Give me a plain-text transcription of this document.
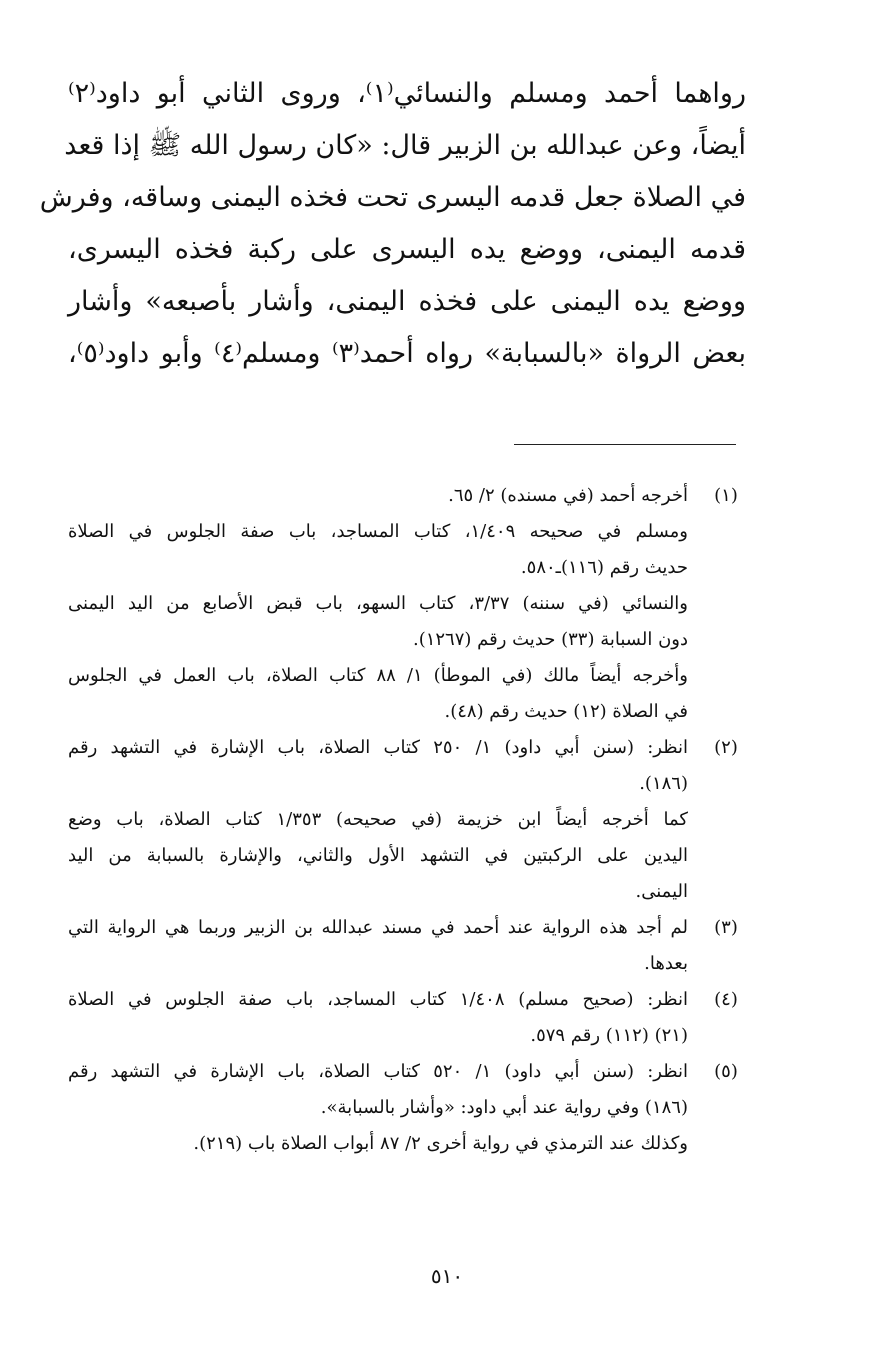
رواهما أحمد ومسلم والنسائي⁽١⁾، وروى الثاني أبو داود⁽٢⁾
أيضاً، وعن عبدالله بن الزبير قال: «كان رسول الله ﷺ إذا قعد
في الصلاة جعل قدمه اليسرى تحت فخذه اليمنى وساقه، وفرش
قدمه اليمنى، ووضع يده اليسرى على ركبة فخذه اليسرى،
ووضع يده اليمنى على فخذه اليمنى، وأشار بأصبعه» وأشار
بعض الرواة «بالسبابة» رواه أحمد⁽٣⁾ ومسلم⁽٤⁾ وأبو داود⁽٥⁾،
(١)
أخرجه أحمد (في مسنده) ٢/ ٦٥.
ومسلم في صحيحه ١/٤٠٩، كتاب المساجد، باب صفة الجلوس في الصلاة
حديث رقم (١١٦)ـ٥٨٠.
والنسائي (في سننه) ٣/٣٧، كتاب السهو، باب قبض الأصابع من اليد اليمنى
دون السبابة (٣٣) حديث رقم (١٢٦٧).
وأخرجه أيضاً مالك (في الموطأ) ١/ ٨٨ كتاب الصلاة، باب العمل في الجلوس
في الصلاة (١٢) حديث رقم (٤٨).
(٢)
انظر: (سنن أبي داود) ١/ ٢٥٠ كتاب الصلاة، باب الإشارة في التشهد رقم
(١٨٦).
كما أخرجه أيضاً ابن خزيمة (في صحيحه) ١/٣٥٣ كتاب الصلاة، باب وضع
اليدين على الركبتين في التشهد الأول والثاني، والإشارة بالسبابة من اليد
اليمنى.
(٣)
لم أجد هذه الرواية عند أحمد في مسند عبدالله بن الزبير وربما هي الرواية التي
بعدها.
(٤)
انظر: (صحيح مسلم) ١/٤٠٨ كتاب المساجد، باب صفة الجلوس في الصلاة
(٢١) (١١٢) رقم ٥٧٩.
(٥)
انظر: (سنن أبي داود) ١/ ٥٢٠ كتاب الصلاة، باب الإشارة في التشهد رقم
(١٨٦) وفي رواية عند أبي داود: «وأشار بالسبابة».
وكذلك عند الترمذي في رواية أخرى ٢/ ٨٧ أبواب الصلاة باب (٢١٩).
٥١٠
